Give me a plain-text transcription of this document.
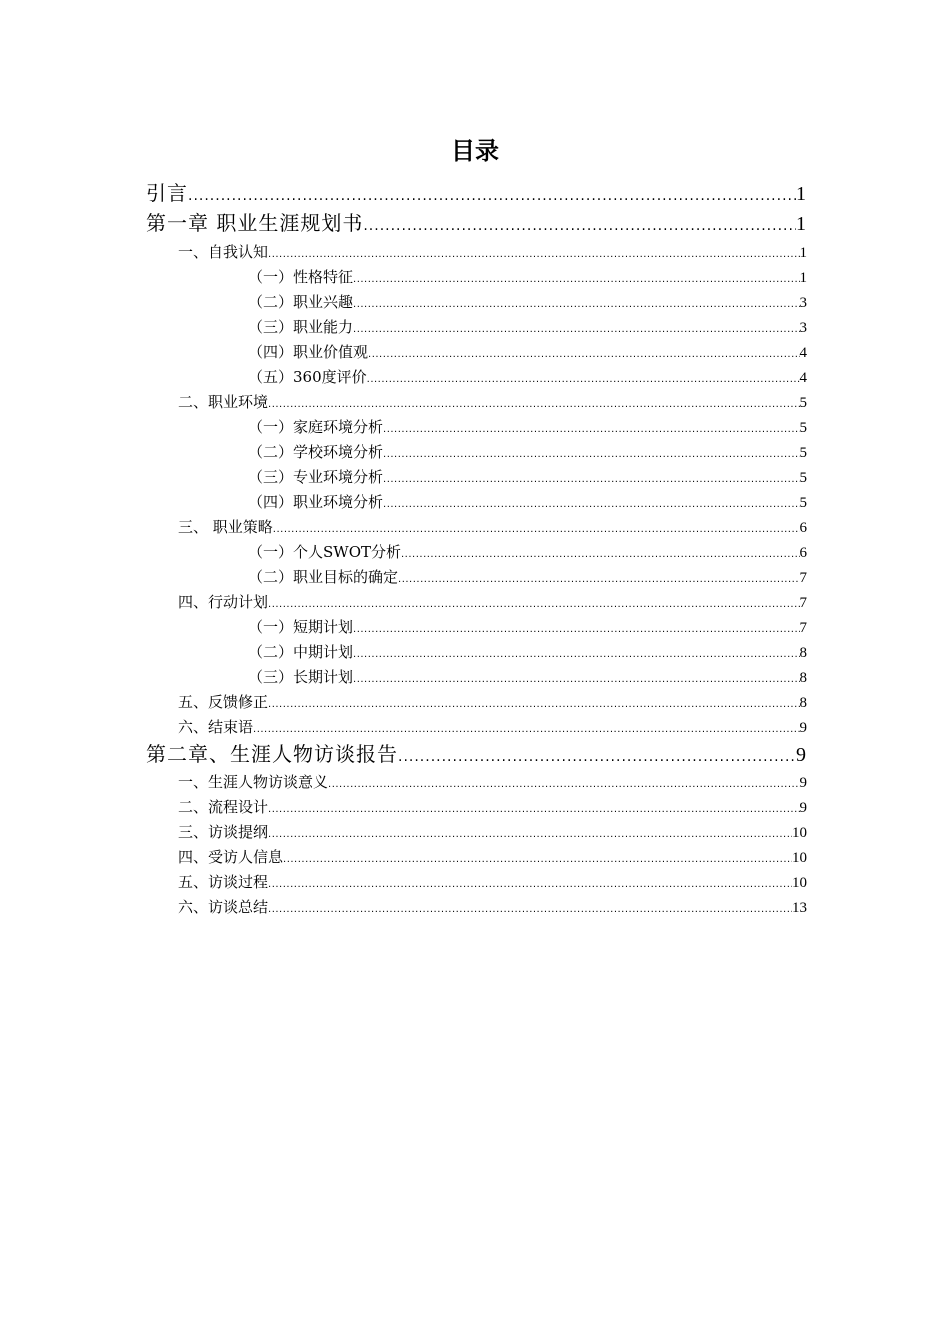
目录
引言 .....	1
第一章 职业生涯规划书 .....	1
一、自我认知 .....	1
（一）性格特征 .....	1
（二）职业兴趣 .....	3
（三）职业能力 .....	3
（四）职业价值观 .....	4
（五）360度评价 .....	4
二、职业环境 .....	5
（一）家庭环境分析 .....	5
（二）学校环境分析 .....	5
（三）专业环境分析 .....	5
（四）职业环境分析 .....	5
三、 职业策略 .....	6
（一）个人SWOT分析 .....	6
（二）职业目标的确定 .....	7
四、行动计划 .....	7
（一）短期计划 .....	7
（二）中期计划 .....	8
（三）长期计划 .....	8
五、反馈修正 .....	8
六、结束语 .....	9
第二章、生涯人物访谈报告 .....	9
一、生涯人物访谈意义 .....	9
二、流程设计 .....	9
三、访谈提纲 .....	10
四、受访人信息 .....	10
五、访谈过程 .....	10
六、访谈总结 .....	13
